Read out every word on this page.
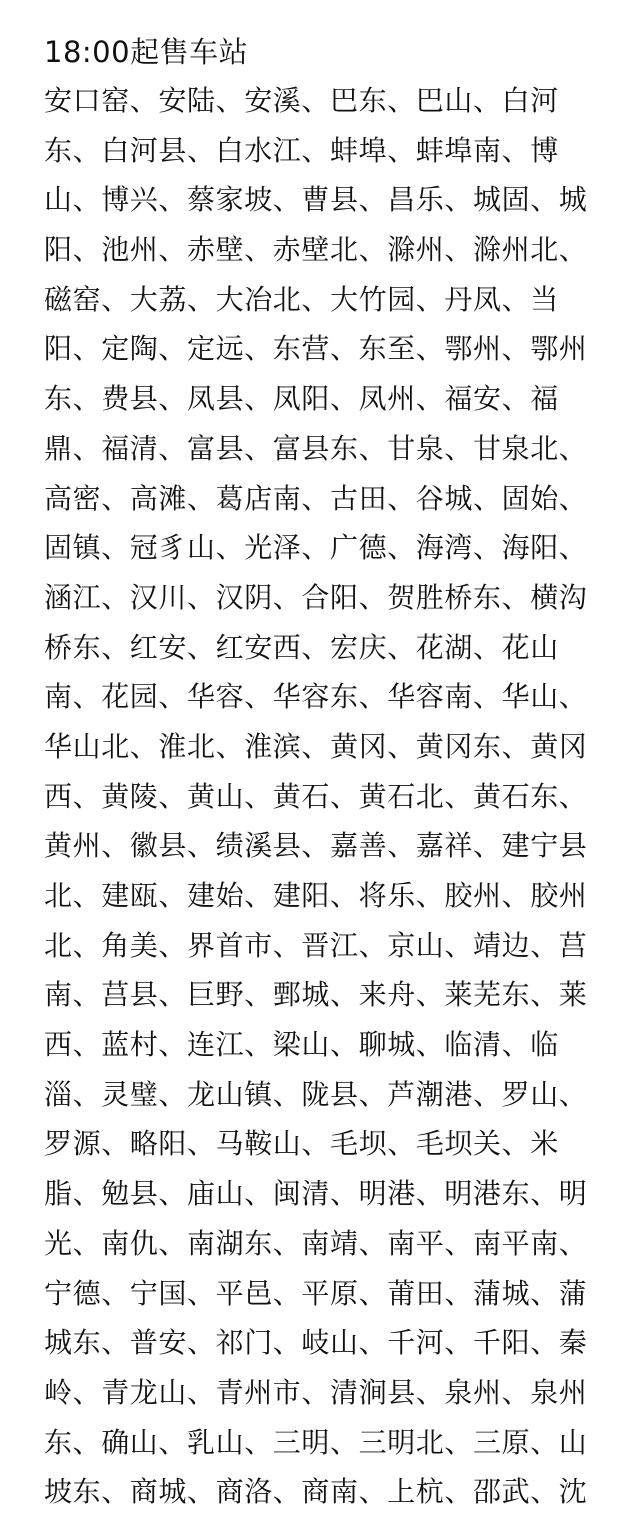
18:00起售车站
安口窑、安陆、安溪、巴东、巴山、白河
东、白河县、白水江、蚌埠、蚌埠南、博
山、博兴、蔡家坡、曹县、昌乐、城固、城
阳、池州、赤壁、赤壁北、滁州、滁州北、
磁窑、大荔、大冶北、大竹园、丹凤、当
阳、定陶、定远、东营、东至、鄂州、鄂州
东、费县、凤县、凤阳、凤州、福安、福
鼎、福清、富县、富县东、甘泉、甘泉北、
高密、高滩、葛店南、古田、谷城、固始、
固镇、冠豸山、光泽、广德、海湾、海阳、
涵江、汉川、汉阴、合阳、贺胜桥东、横沟
桥东、红安、红安西、宏庆、花湖、花山
南、花园、华容、华容东、华容南、华山、
华山北、淮北、淮滨、黄冈、黄冈东、黄冈
西、黄陵、黄山、黄石、黄石北、黄石东、
黄州、徽县、绩溪县、嘉善、嘉祥、建宁县
北、建瓯、建始、建阳、将乐、胶州、胶州
北、角美、界首市、晋江、京山、靖边、莒
南、莒县、巨野、鄄城、来舟、莱芜东、莱
西、蓝村、连江、梁山、聊城、临清、临
淄、灵璧、龙山镇、陇县、芦潮港、罗山、
罗源、略阳、马鞍山、毛坝、毛坝关、米
脂、勉县、庙山、闽清、明港、明港东、明
光、南仇、南湖东、南靖、南平、南平南、
宁德、宁国、平邑、平原、莆田、蒲城、蒲
城东、普安、祁门、岐山、千河、千阳、秦
岭、青龙山、青州市、清涧县、泉州、泉州
东、确山、乳山、三明、三明北、三原、山
坡东、商城、商洛、商南、上杭、邵武、沈
